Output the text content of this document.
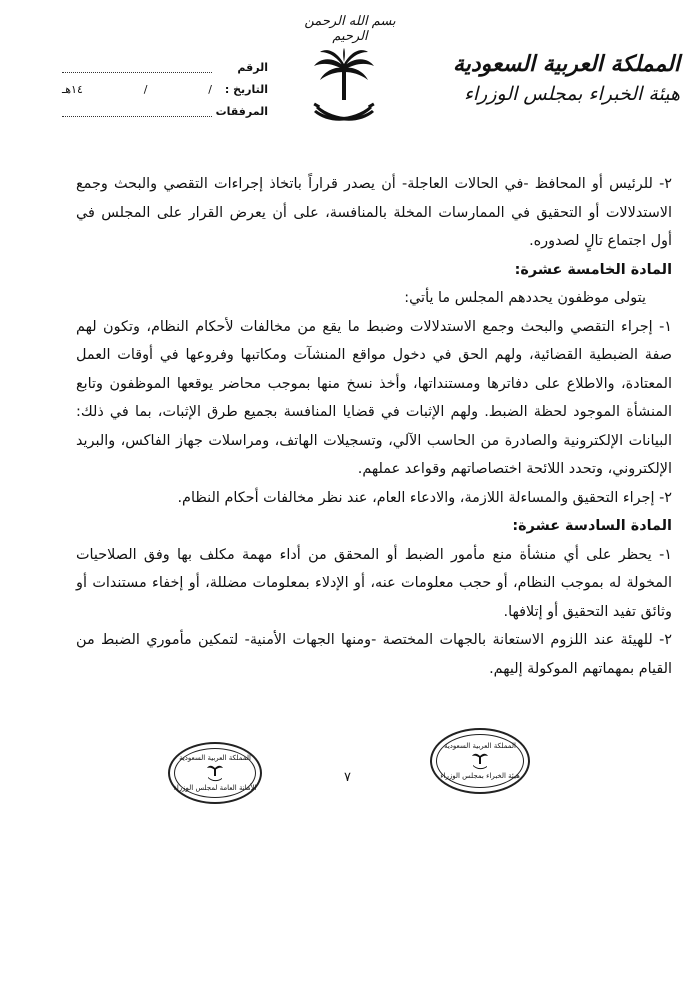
بسم الله الرحمن الرحيم
المملكة العربية السعودية
هيئة الخبراء بمجلس الوزراء
الرقم
التاريخ :
/
/
١٤هـ
المرفقات

٢- للرئيس أو المحافظ -في الحالات العاجلة- أن يصدر قراراً باتخاذ إجراءات التقصي والبحث وجمع الاستدلالات أو التحقيق في الممارسات المخلة بالمنافسة، على أن يعرض القرار على المجلس في أول اجتماع تالٍ لصدوره.

المادة الخامسة عشرة:

يتولى موظفون يحددهم المجلس ما يأتي:

١- إجراء التقصي والبحث وجمع الاستدلالات وضبط ما يقع من مخالفات لأحكام النظام، وتكون لهم صفة الضبطية القضائية، ولهم الحق في دخول مواقع المنشآت ومكاتبها وفروعها في أوقات العمل المعتادة، والاطلاع على دفاترها ومستنداتها، وأخذ نسخ منها بموجب محاضر يوقعها الموظفون وتابع المنشأة الموجود لحظة الضبط. ولهم الإثبات في قضايا المنافسة بجميع طرق الإثبات، بما في ذلك: البيانات الإلكترونية والصادرة من الحاسب الآلي، وتسجيلات الهاتف، ومراسلات جهاز الفاكس، والبريد الإلكتروني، وتحدد اللائحة اختصاصاتهم وقواعد عملهم.

٢- إجراء التحقيق والمساءلة اللازمة، والادعاء العام، عند نظر مخالفات أحكام النظام.

المادة السادسة عشرة:

١- يحظر على أي منشأة منع مأمور الضبط أو المحقق من أداء مهمة مكلف بها وفق الصلاحيات المخولة له بموجب النظام، أو حجب معلومات عنه، أو الإدلاء بمعلومات مضللة، أو إخفاء مستندات أو وثائق تفيد التحقيق أو إتلافها.

٢- للهيئة عند اللزوم الاستعانة بالجهات المختصة -ومنها الجهات الأمنية- لتمكين مأموري الضبط من القيام بمهماتهم الموكولة إليهم.

المملكة العربية السعودية
الأمانة العامة لمجلس الوزراء
٧
المملكة العربية السعودية
هيئة الخبراء بمجلس الوزراء
